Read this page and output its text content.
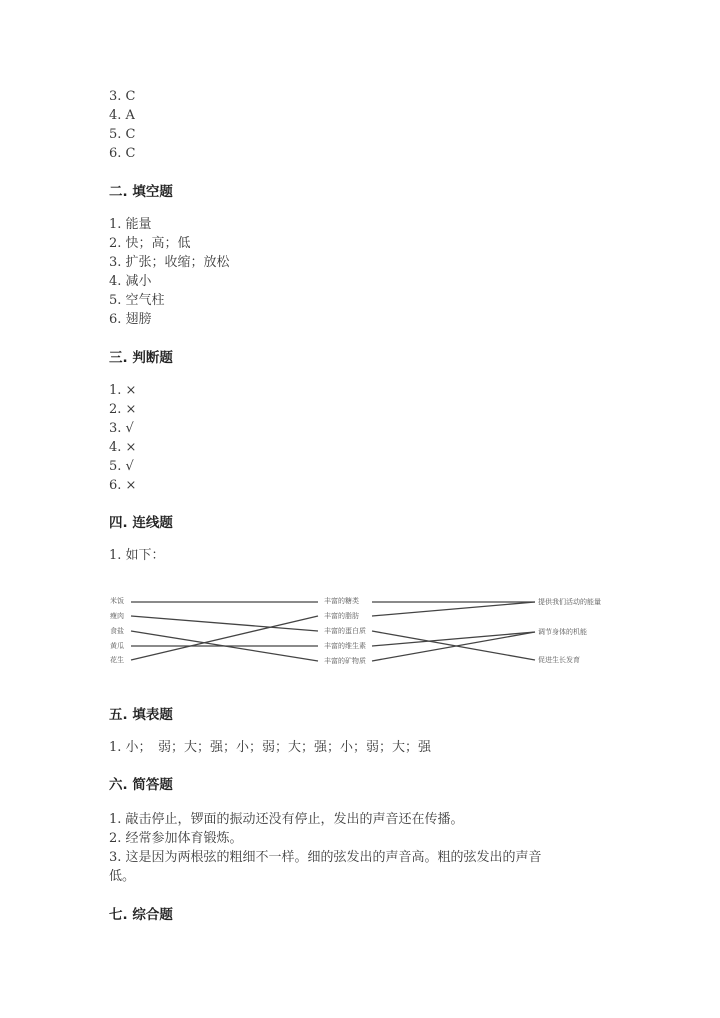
3. C
4. A
5. C
6. C
二. 填空题
1. 能量
2. 快；高；低
3. 扩张；收缩；放松
4. 减小
5. 空气柱
6. 翅膀
三. 判断题
1. ×
2. ×
3. √
4. ×
5. √
6. ×
四. 连线题
1. 如下：
五. 填表题
1. 小；　弱；大；强；小；弱；大；强；小；弱；大；强
六. 简答题
1. 敲击停止，锣面的振动还没有停止，发出的声音还在传播。
2. 经常参加体育锻炼。
3. 这是因为两根弦的粗细不一样。细的弦发出的声音高。粗的弦发出的声音
低。
七. 综合题
米饭
瘦肉
食盐
黄瓜
花生
丰富的糖类
丰富的脂肪
丰富的蛋白质
丰富的维生素
丰富的矿物质
提供我们活动的能量
调节身体的机能
促进生长发育
